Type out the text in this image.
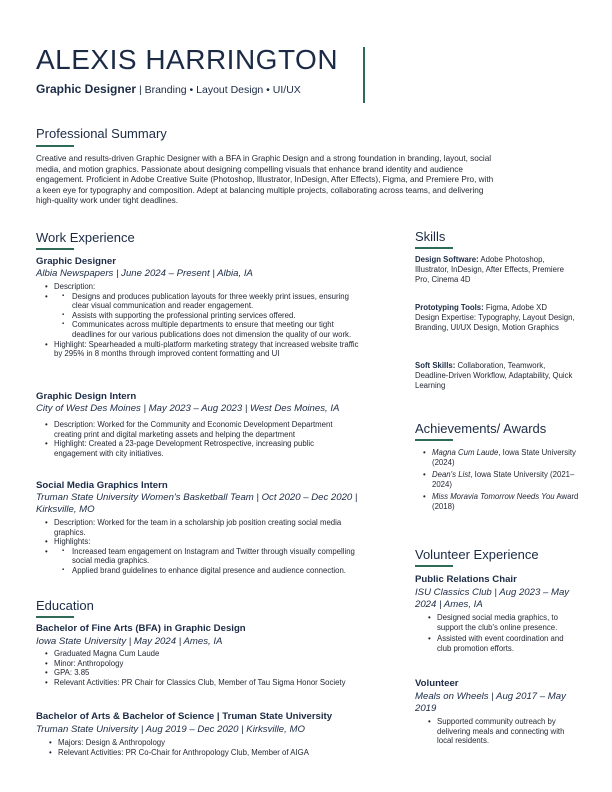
ALEXIS HARRINGTON
Graphic Designer | Branding • Layout Design • UI/UX
Professional Summary
Creative and results-driven Graphic Designer with a BFA in Graphic Design and a strong foundation in branding, layout, social media, and motion graphics. Passionate about designing compelling visuals that enhance brand identity and audience engagement. Proficient in Adobe Creative Suite (Photoshop, Illustrator, InDesign, After Effects), Figma, and Premiere Pro, with a keen eye for typography and composition. Adept at balancing multiple projects, collaborating across teams, and delivering high-quality work under tight deadlines.
Work Experience
Graphic Designer
Albia Newspapers | June 2024 – Present | Albia, IA
• Description:
▪ • Designs and produces publication layouts for three weekly print issues, ensuring clear visual communication and reader engagement.
▪ Assists with supporting the professional printing services offered.
▪ Communicates across multiple departments to ensure that meeting our tight deadlines for our various publications does not dimension the quality of our work.
• Highlight: Spearheaded a multi-platform marketing strategy that increased website traffic by 295% in 8 months through improved content formatting and UI
Graphic Design Intern
City of West Des Moines | May 2023 – Aug 2023 | West Des Moines, IA
• Description: Worked for the Community and Economic Development Department creating print and digital marketing assets and helping the department
• Highlight: Created a 23-page Development Retrospective, increasing public engagement with city initiatives.
Social Media Graphics Intern
Truman State University Women's Basketball Team | Oct 2020 – Dec 2020 | Kirksville, MO
• Description: Worked for the team in a scholarship job position creating social media graphics.
• Highlights:
▪ • Increased team engagement on Instagram and Twitter through visually compelling social media graphics.
▪ Applied brand guidelines to enhance digital presence and audience connection.
Education
Bachelor of Fine Arts (BFA) in Graphic Design
Iowa State University | May 2024 | Ames, IA
• Graduated Magna Cum Laude
• Minor: Anthropology
• GPA: 3.85
• Relevant Activities: PR Chair for Classics Club, Member of Tau Sigma Honor Society
Bachelor of Arts & Bachelor of Science | Truman State University
Truman State University | Aug 2019 – Dec 2020 | Kirksville, MO
• Majors: Design & Anthropology
• Relevant Activities: PR Co-Chair for Anthropology Club, Member of AIGA
Skills
Design Software: Adobe Photoshop, Illustrator, InDesign, After Effects, Premiere Pro, Cinema 4D
Prototyping Tools: Figma, Adobe XD
Design Expertise: Typography, Layout Design, Branding, UI/UX Design, Motion Graphics
Soft Skills: Collaboration, Teamwork, Deadline-Driven Workflow, Adaptability, Quick Learning
Achievements/ Awards
• Magna Cum Laude, Iowa State University (2024)
• Dean's List, Iowa State University (2021–2024)
• Miss Moravia Tomorrow Needs You Award (2018)
Volunteer Experience
Public Relations Chair
ISU Classics Club | Aug 2023 – May 2024 | Ames, IA
• Designed social media graphics, to support the club's online presence.
• Assisted with event coordination and club promotion efforts.
Volunteer
Meals on Wheels | Aug 2017 – May 2019
• Supported community outreach by delivering meals and connecting with local residents.
